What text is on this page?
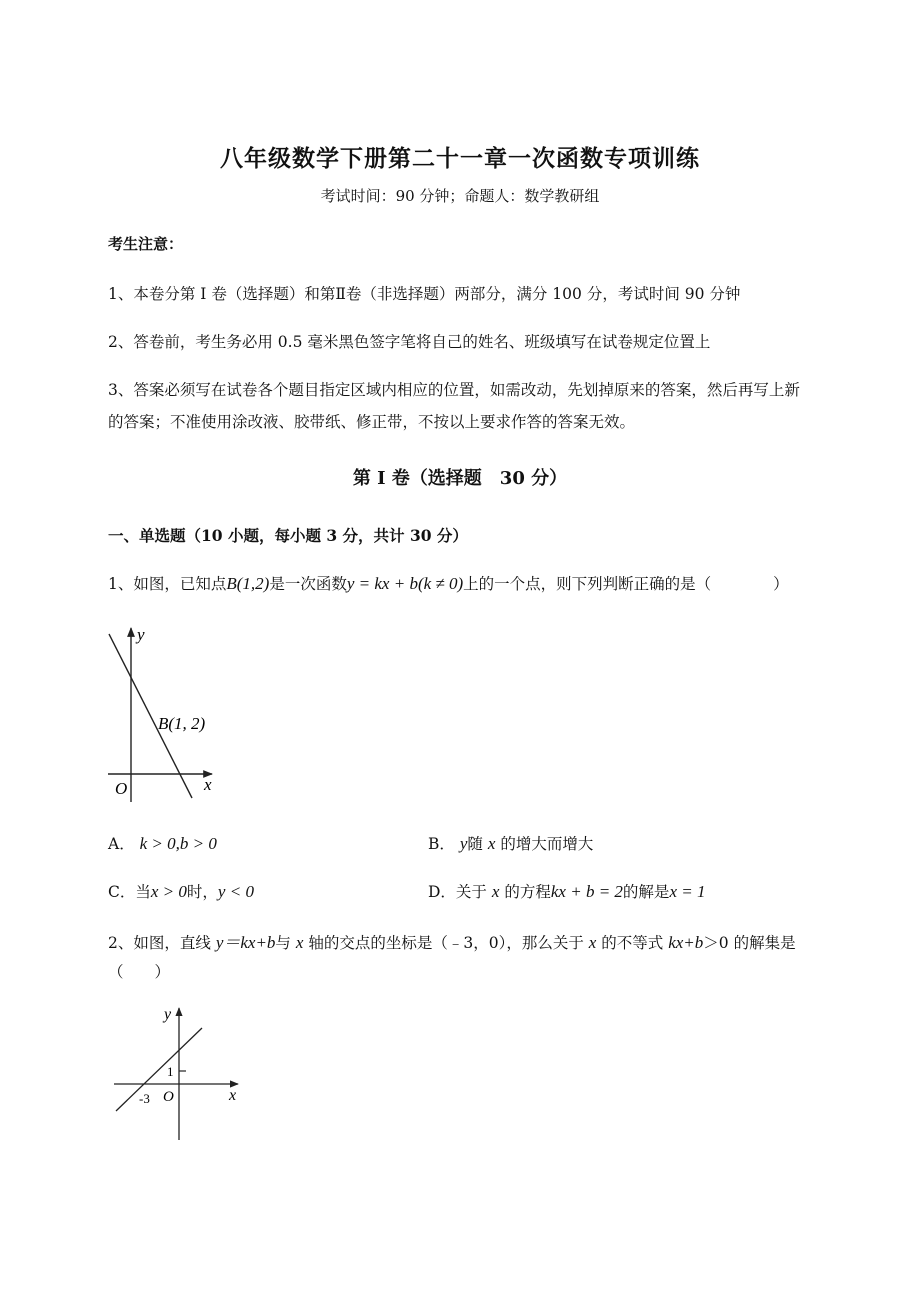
八年级数学下册第二十一章一次函数专项训练
考试时间：90 分钟；命题人：数学教研组
考生注意：
1、本卷分第 I 卷（选择题）和第Ⅱ卷（非选择题）两部分，满分 100 分，考试时间 90 分钟
2、答卷前，考生务必用 0.5 毫米黑色签字笔将自己的姓名、班级填写在试卷规定位置上
3、答案必须写在试卷各个题目指定区域内相应的位置，如需改动，先划掉原来的答案，然后再写上新
的答案；不准使用涂改液、胶带纸、修正带，不按以上要求作答的答案无效。
第 I 卷（选择题　30 分）
一、单选题（10 小题，每小题 3 分，共计 30 分）
1、如图，已知点B(1,2)是一次函数y = kx + b(k ≠ 0)上的一个点，则下列判断正确的是（　　　　）
y
x
O
B(1, 2)
A． k > 0,b > 0	B． y随 x 的增大而增大
C．当x > 0时，y < 0	D．关于 x 的方程kx + b = 2的解是x = 1
2、如图，直线 y＝kx+b与 x 轴的交点的坐标是（﹣3，0），那么关于 x 的不等式 kx+b＞0 的解集是
（　　）
y
x
O
1
-3
